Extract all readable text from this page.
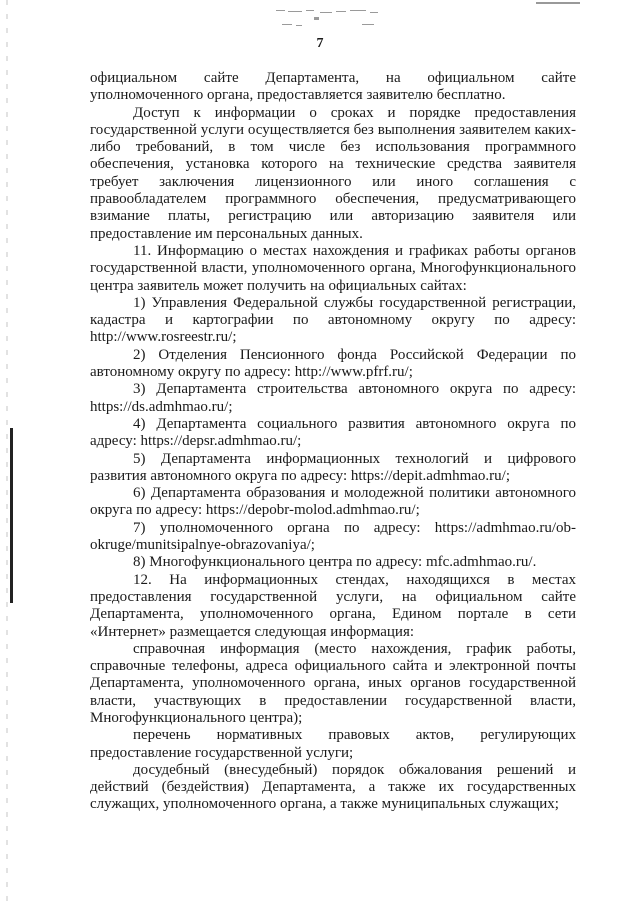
7

официальном сайте Департамента, на официальном сайте уполномоченного органа, предоставляется заявителю бесплатно.

Доступ к информации о сроках и порядке предоставления государственной услуги осуществляется без выполнения заявителем каких-либо требований, в том числе без использования программного обеспечения, установка которого на технические средства заявителя требует заключения лицензионного или иного соглашения с правообладателем программного обеспечения, предусматривающего взимание платы, регистрацию или авторизацию заявителя или предоставление им персональных данных.

11. Информацию о местах нахождения и графиках работы органов государственной власти, уполномоченного органа, Многофункционального центра заявитель может получить на официальных сайтах:

1) Управления Федеральной службы государственной регистрации, кадастра и картографии по автономному округу по адресу: http://www.rosreestr.ru/;

2) Отделения Пенсионного фонда Российской Федерации по автономному округу по адресу: http://www.pfrf.ru/;

3) Департамента строительства автономного округа по адресу: https://ds.admhmao.ru/;

4) Департамента социального развития автономного округа по адресу: https://depsr.admhmao.ru/;

5) Департамента информационных технологий и цифрового развития автономного округа по адресу: https://depit.admhmao.ru/;

6) Департамента образования и молодежной политики автономного округа по адресу: https://depobr-molod.admhmao.ru/;

7) уполномоченного органа по адресу: https://admhmao.ru/ob-okruge/munitsipalnye-obrazovaniya/;

8) Многофункционального центра по адресу: mfc.admhmao.ru/.

12. На информационных стендах, находящихся в местах предоставления государственной услуги, на официальном сайте Департамента, уполномоченного органа, Едином портале в сети «Интернет» размещается следующая информация:

справочная информация (место нахождения, график работы, справочные телефоны, адреса официального сайта и электронной почты Департамента, уполномоченного органа, иных органов государственной власти, участвующих в предоставлении государственной власти, Многофункционального центра);

перечень нормативных правовых актов, регулирующих предоставление государственной услуги;

досудебный (внесудебный) порядок обжалования решений и действий (бездействия) Департамента, а также их государственных служащих, уполномоченного органа, а также муниципальных служащих;
